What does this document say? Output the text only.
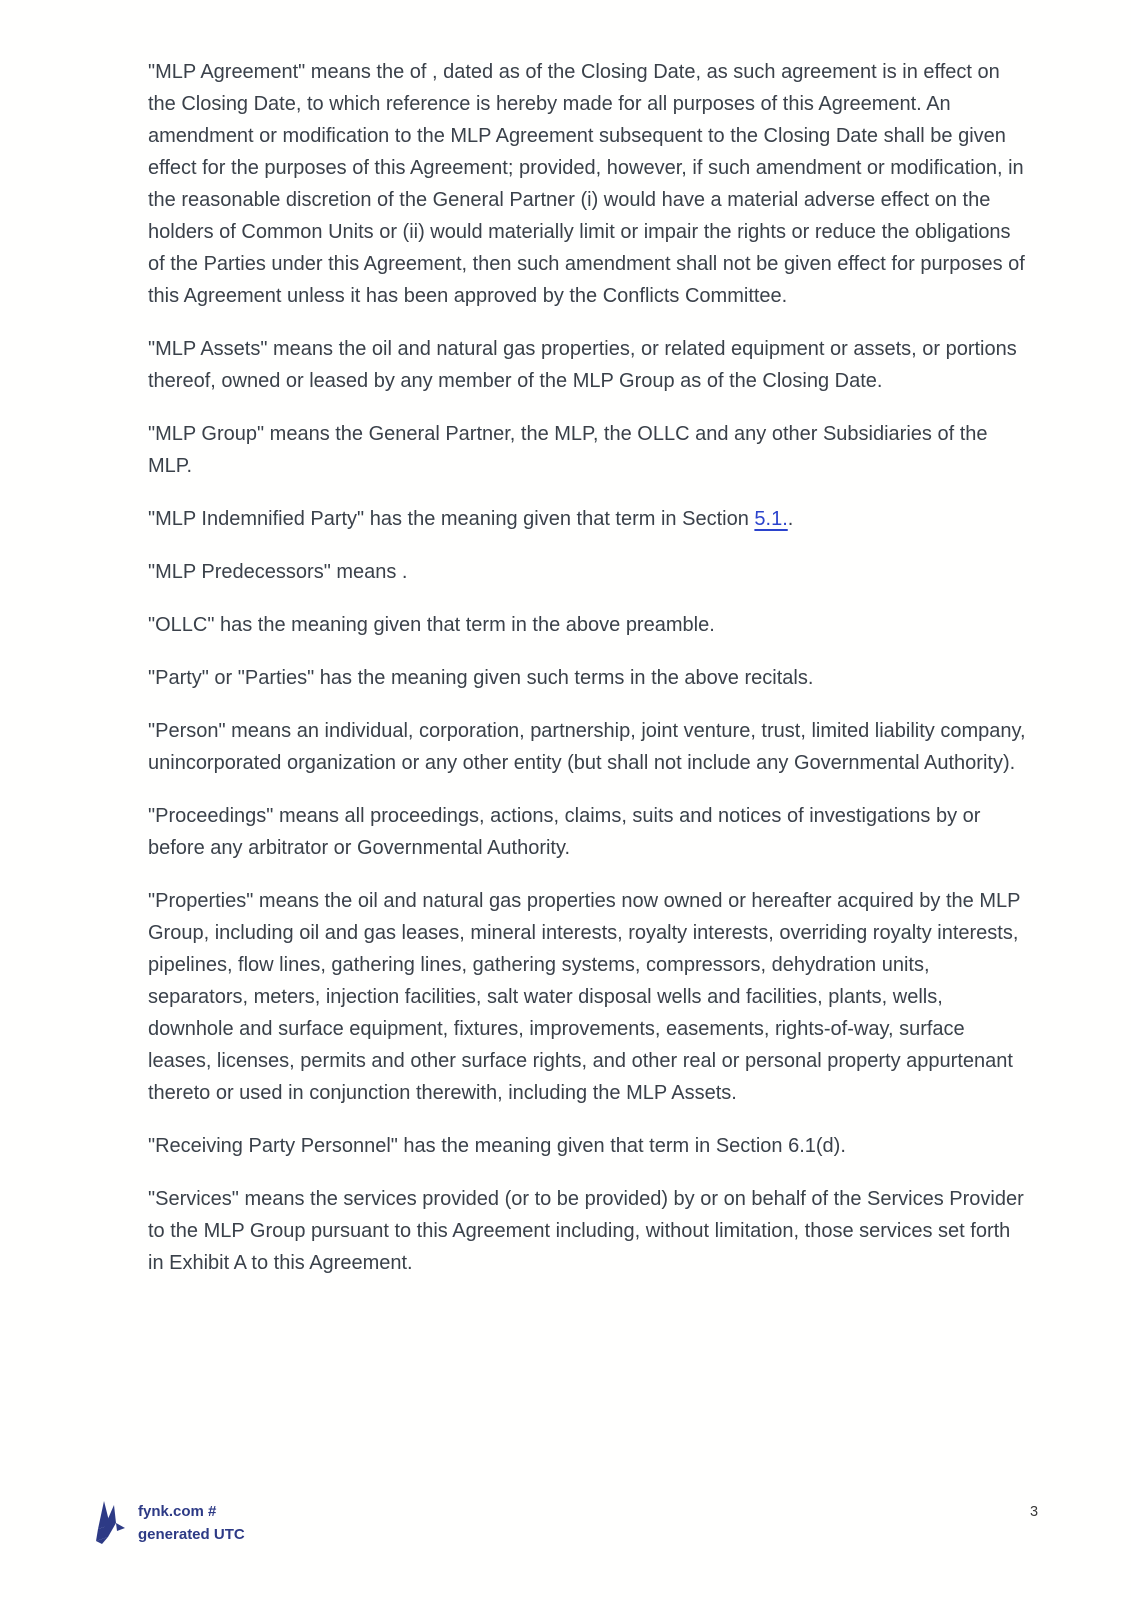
"MLP Agreement" means the of , dated as of the Closing Date, as such agreement is in effect on the Closing Date, to which reference is hereby made for all purposes of this Agreement. An amendment or modification to the MLP Agreement subsequent to the Closing Date shall be given effect for the purposes of this Agreement; provided, however, if such amendment or modification, in the reasonable discretion of the General Partner (i) would have a material adverse effect on the holders of Common Units or (ii) would materially limit or impair the rights or reduce the obligations of the Parties under this Agreement, then such amendment shall not be given effect for purposes of this Agreement unless it has been approved by the Conflicts Committee.

"MLP Assets" means the oil and natural gas properties, or related equipment or assets, or portions thereof, owned or leased by any member of the MLP Group as of the Closing Date.

"MLP Group" means the General Partner, the MLP, the OLLC and any other Subsidiaries of the MLP.

"MLP Indemnified Party" has the meaning given that term in Section 5.1..

"MLP Predecessors" means .

"OLLC" has the meaning given that term in the above preamble.

"Party" or "Parties" has the meaning given such terms in the above recitals.

"Person" means an individual, corporation, partnership, joint venture, trust, limited liability company, unincorporated organization or any other entity (but shall not include any Governmental Authority).

"Proceedings" means all proceedings, actions, claims, suits and notices of investigations by or before any arbitrator or Governmental Authority.

"Properties" means the oil and natural gas properties now owned or hereafter acquired by the MLP Group, including oil and gas leases, mineral interests, royalty interests, overriding royalty interests, pipelines, flow lines, gathering lines, gathering systems, compressors, dehydration units, separators, meters, injection facilities, salt water disposal wells and facilities, plants, wells, downhole and surface equipment, fixtures, improvements, easements, rights-of-way, surface leases, licenses, permits and other surface rights, and other real or personal property appurtenant thereto or used in conjunction therewith, including the MLP Assets.

"Receiving Party Personnel" has the meaning given that term in Section 6.1(d).

"Services" means the services provided (or to be provided) by or on behalf of the Services Provider to the MLP Group pursuant to this Agreement including, without limitation, those services set forth in Exhibit A to this Agreement.

fynk.com #
generated UTC
3
